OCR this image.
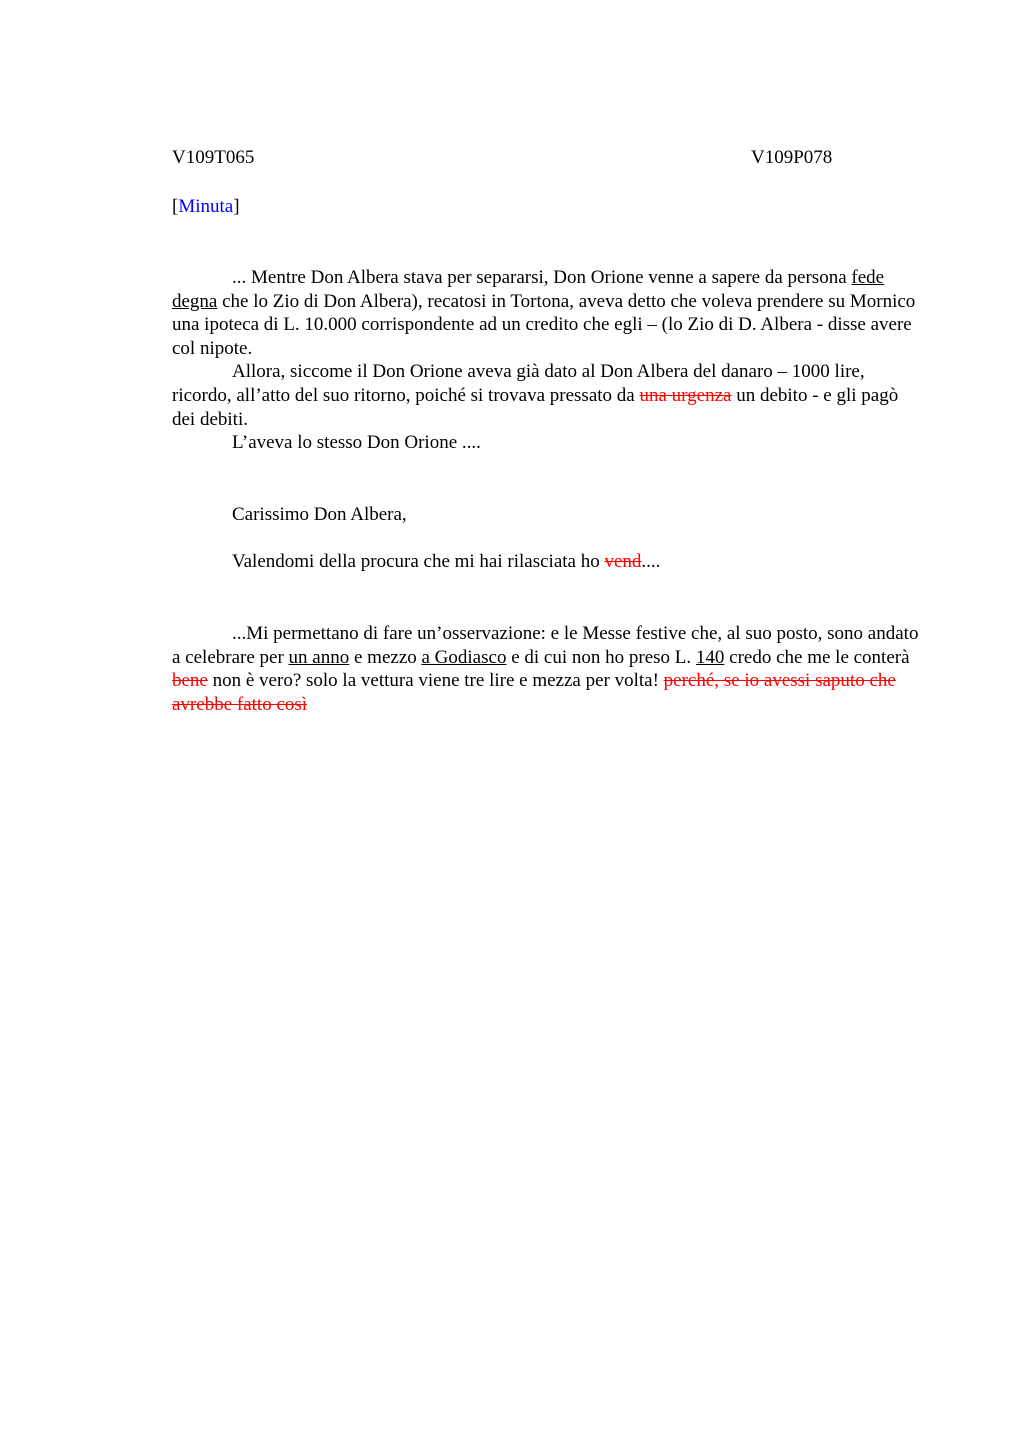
V109T065	V109P078
[Minuta]
... Mentre Don Albera stava per separarsi, Don Orione venne a sapere da persona fede degna che lo Zio di Don Albera), recatosi in Tortona, aveva detto che voleva prendere su Mornico una ipoteca di L. 10.000 corrispondente ad un credito che egli – (lo Zio di D. Albera - disse avere col nipote.
Allora, siccome il Don Orione aveva già dato al Don Albera del danaro – 1000 lire, ricordo, all’atto del suo ritorno, poiché si trovava pressato da una urgenza un debito - e gli pagò dei debiti.
L’aveva lo stesso Don Orione ....
Carissimo Don Albera,
Valendomi della procura che mi hai rilasciata ho vend....
...Mi permettano di fare un’osservazione: e le Messe festive che, al suo posto, sono andato a celebrare per un anno e mezzo a Godiasco e di cui non ho preso L. 140 credo che me le conterà bene non è vero? solo la vettura viene tre lire e mezza per volta! perché, se io avessi saputo che avrebbe fatto così
